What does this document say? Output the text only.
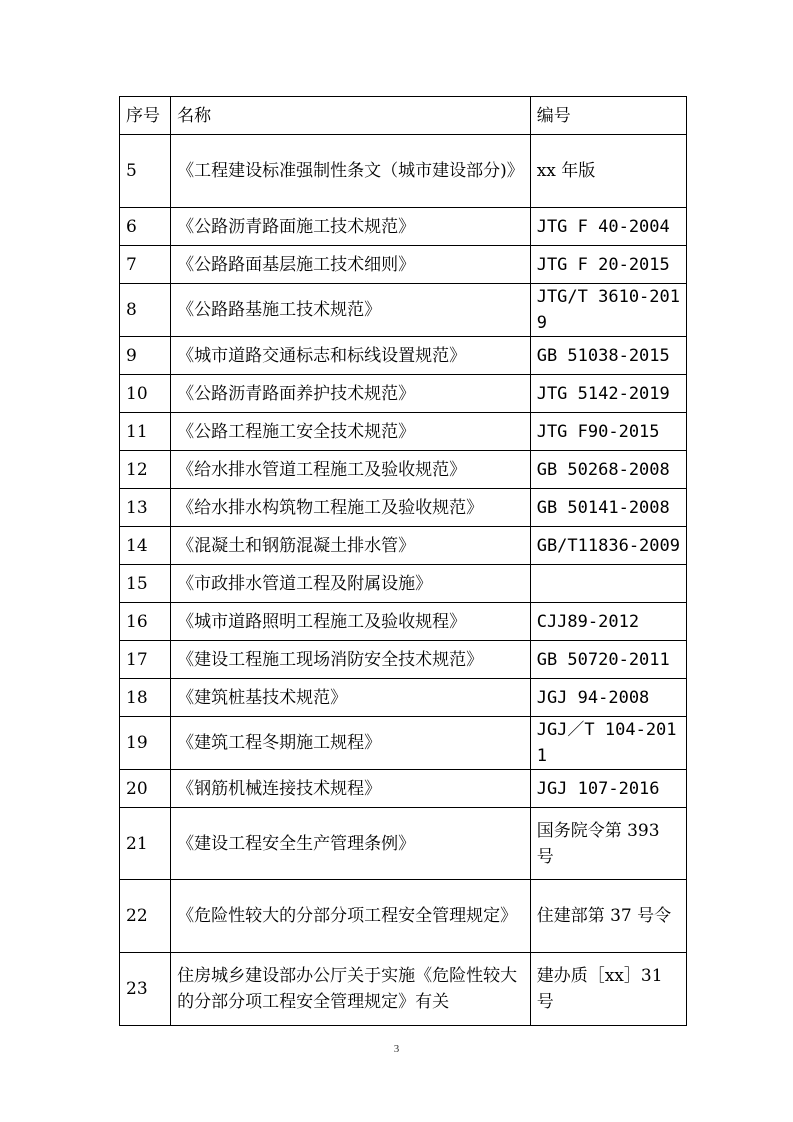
序号	名称	编号
5	《工程建设标准强制性条文（城市建设部分)》	xx 年版
6	《公路沥青路面施工技术规范》	JTG F 40-2004
7	《公路路面基层施工技术细则》	JTG F 20-2015
8	《公路路基施工技术规范》	JTG/T 3610-2019
9	《城市道路交通标志和标线设置规范》	GB 51038-2015
10	《公路沥青路面养护技术规范》	JTG 5142-2019
11	《公路工程施工安全技术规范》	JTG F90-2015
12	《给水排水管道工程施工及验收规范》	GB 50268-2008
13	《给水排水构筑物工程施工及验收规范》	GB 50141-2008
14	《混凝土和钢筋混凝土排水管》	GB/T11836-2009
15	《市政排水管道工程及附属设施》	
16	《城市道路照明工程施工及验收规程》	CJJ89-2012
17	《建设工程施工现场消防安全技术规范》	GB 50720-2011
18	《建筑桩基技术规范》	JGJ 94-2008
19	《建筑工程冬期施工规程》	JGJ／T 104-2011
20	《钢筋机械连接技术规程》	JGJ 107-2016
21	《建设工程安全生产管理条例》	国务院令第 393 号
22	《危险性较大的分部分项工程安全管理规定》	住建部第 37 号令
23	住房城乡建设部办公厅关于实施《危险性较大的分部分项工程安全管理规定》有关	建办质［xx］31 号
3
